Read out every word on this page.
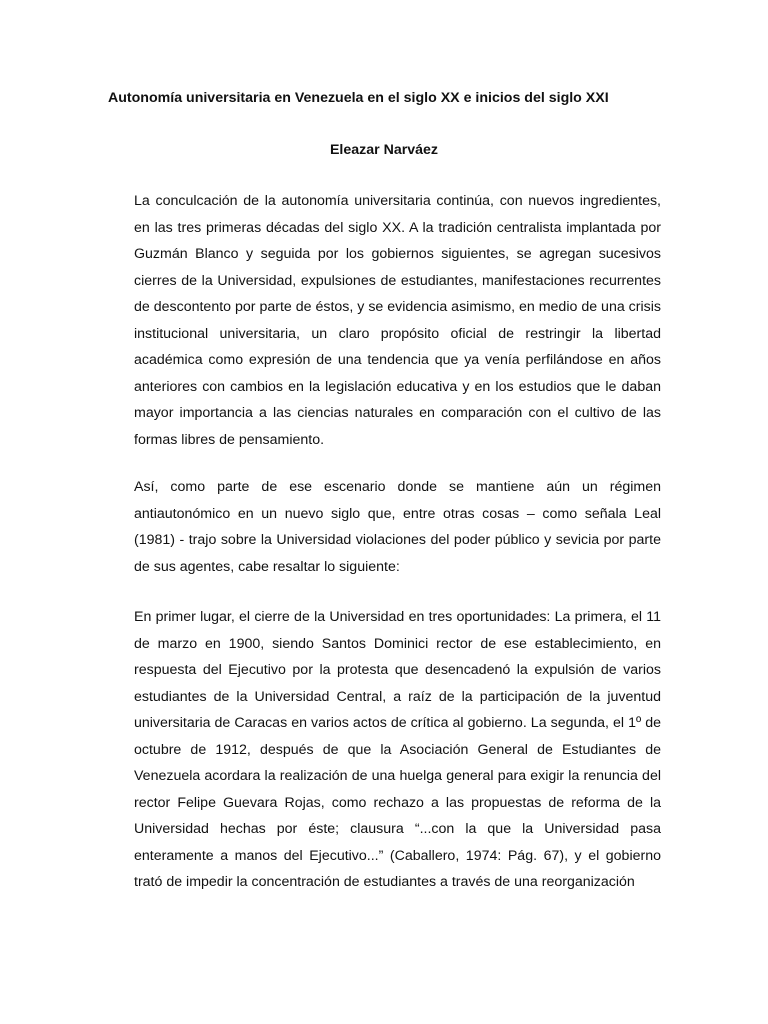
Autonomía universitaria en Venezuela en el siglo XX e inicios del siglo XXI
Eleazar Narváez

La conculcación de la autonomía universitaria continúa, con nuevos ingredientes, en las tres primeras décadas del siglo XX. A la tradición centralista implantada por Guzmán Blanco y seguida por los gobiernos siguientes, se agregan sucesivos cierres de la Universidad, expulsiones de estudiantes, manifestaciones recurrentes de descontento por parte de éstos, y se evidencia asimismo, en medio de una crisis institucional universitaria, un claro propósito oficial de restringir la libertad académica como expresión de una tendencia que ya venía perfilándose en años anteriores con cambios en la legislación educativa y en los estudios que le daban mayor importancia a las ciencias naturales en comparación con el cultivo de las formas libres de pensamiento.

Así, como parte de ese escenario donde se mantiene aún un régimen antiautonómico en un nuevo siglo que, entre otras cosas – como señala Leal (1981) - trajo sobre la Universidad violaciones del poder público y sevicia por parte de sus agentes, cabe resaltar lo siguiente:

En primer lugar, el cierre de la Universidad en tres oportunidades: La primera, el 11 de marzo en 1900, siendo Santos Dominici rector de ese establecimiento, en respuesta del Ejecutivo por la protesta que desencadenó la expulsión de varios estudiantes de la Universidad Central, a raíz de la participación de la juventud universitaria de Caracas en varios actos de crítica al gobierno. La segunda, el 1º de octubre de 1912, después de que la Asociación General de Estudiantes de Venezuela acordara la realización de una huelga general para exigir la renuncia del rector Felipe Guevara Rojas, como rechazo a las propuestas de reforma de la Universidad hechas por éste; clausura “...con la que la Universidad pasa enteramente a manos del Ejecutivo...” (Caballero, 1974: Pág. 67), y el gobierno trató de impedir la concentración de estudiantes a través de una reorganización
